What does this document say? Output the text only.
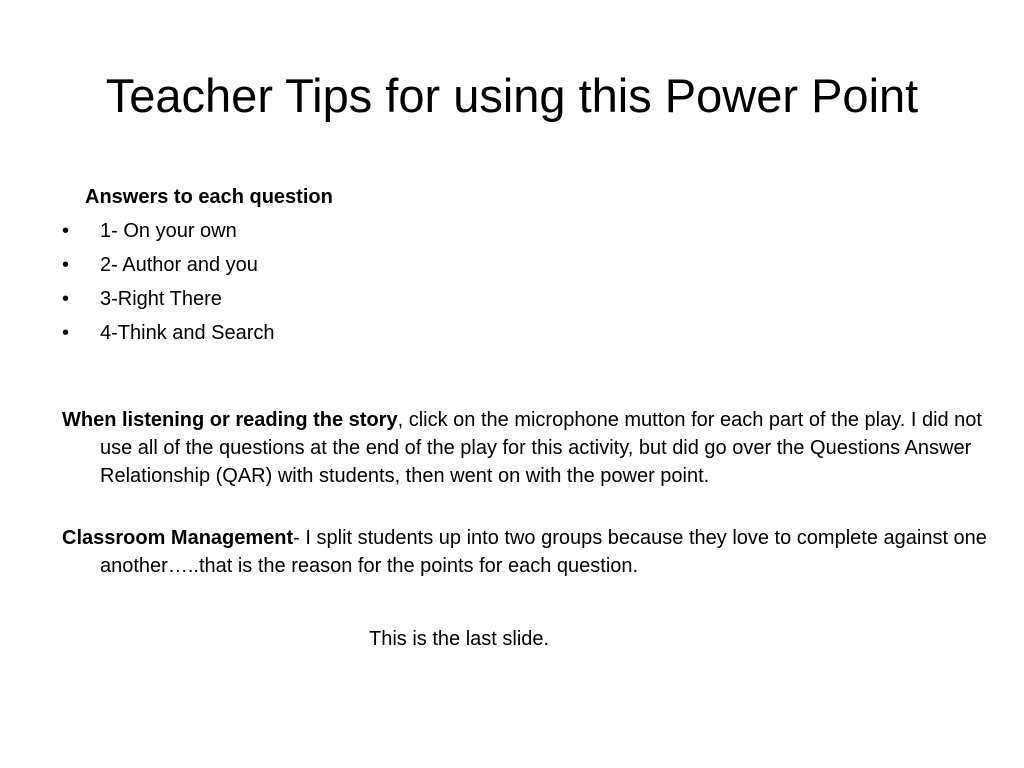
Teacher Tips for using this Power Point
Answers to each question
• 1- On your own
• 2- Author and you
• 3-Right There
• 4-Think and Search

When listening or reading the story, click on the microphone mutton for each part of the play. I did not use all of the questions at the end of the play for this activity, but did go over the Questions Answer Relationship (QAR) with students, then went on with the power point.

Classroom Management- I split students up into two groups because they love to complete against one another…..that is the reason for the points for each question.

This is the last slide.
